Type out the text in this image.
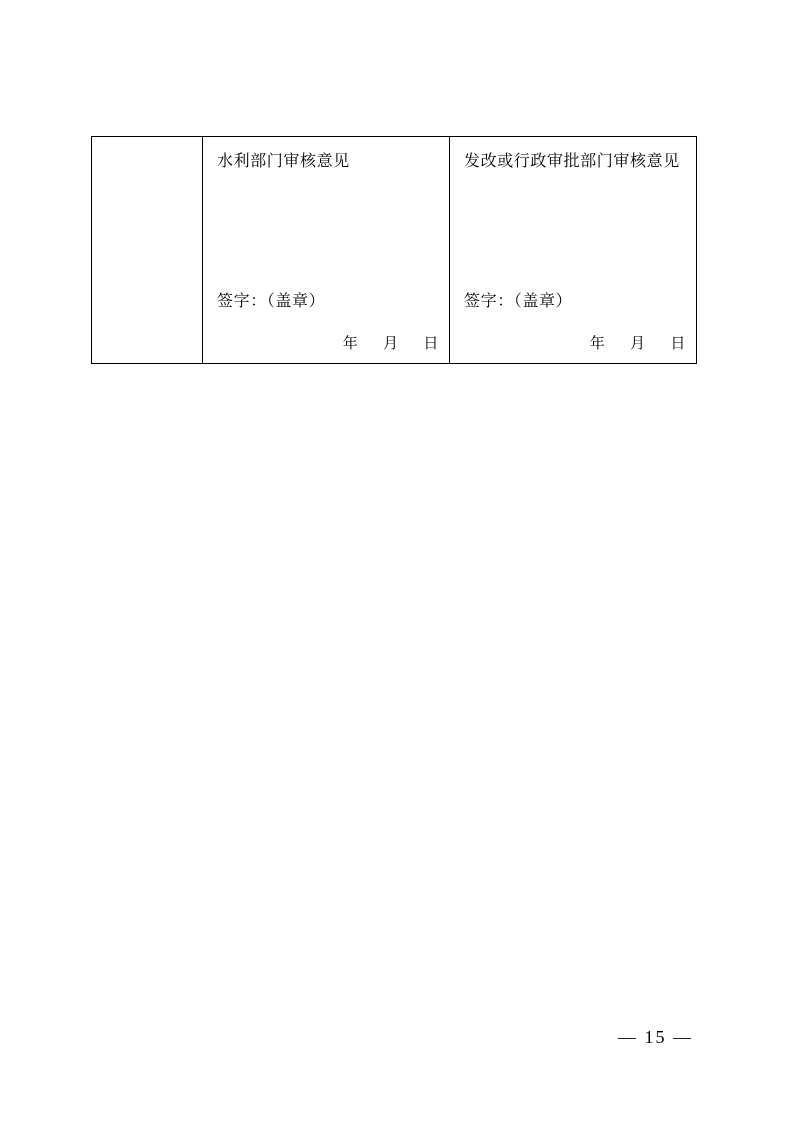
水利部门审核意见
签字：（盖章）
年 月 日

发改或行政审批部门审核意见
签字：（盖章）
年 月 日
— 15 —
